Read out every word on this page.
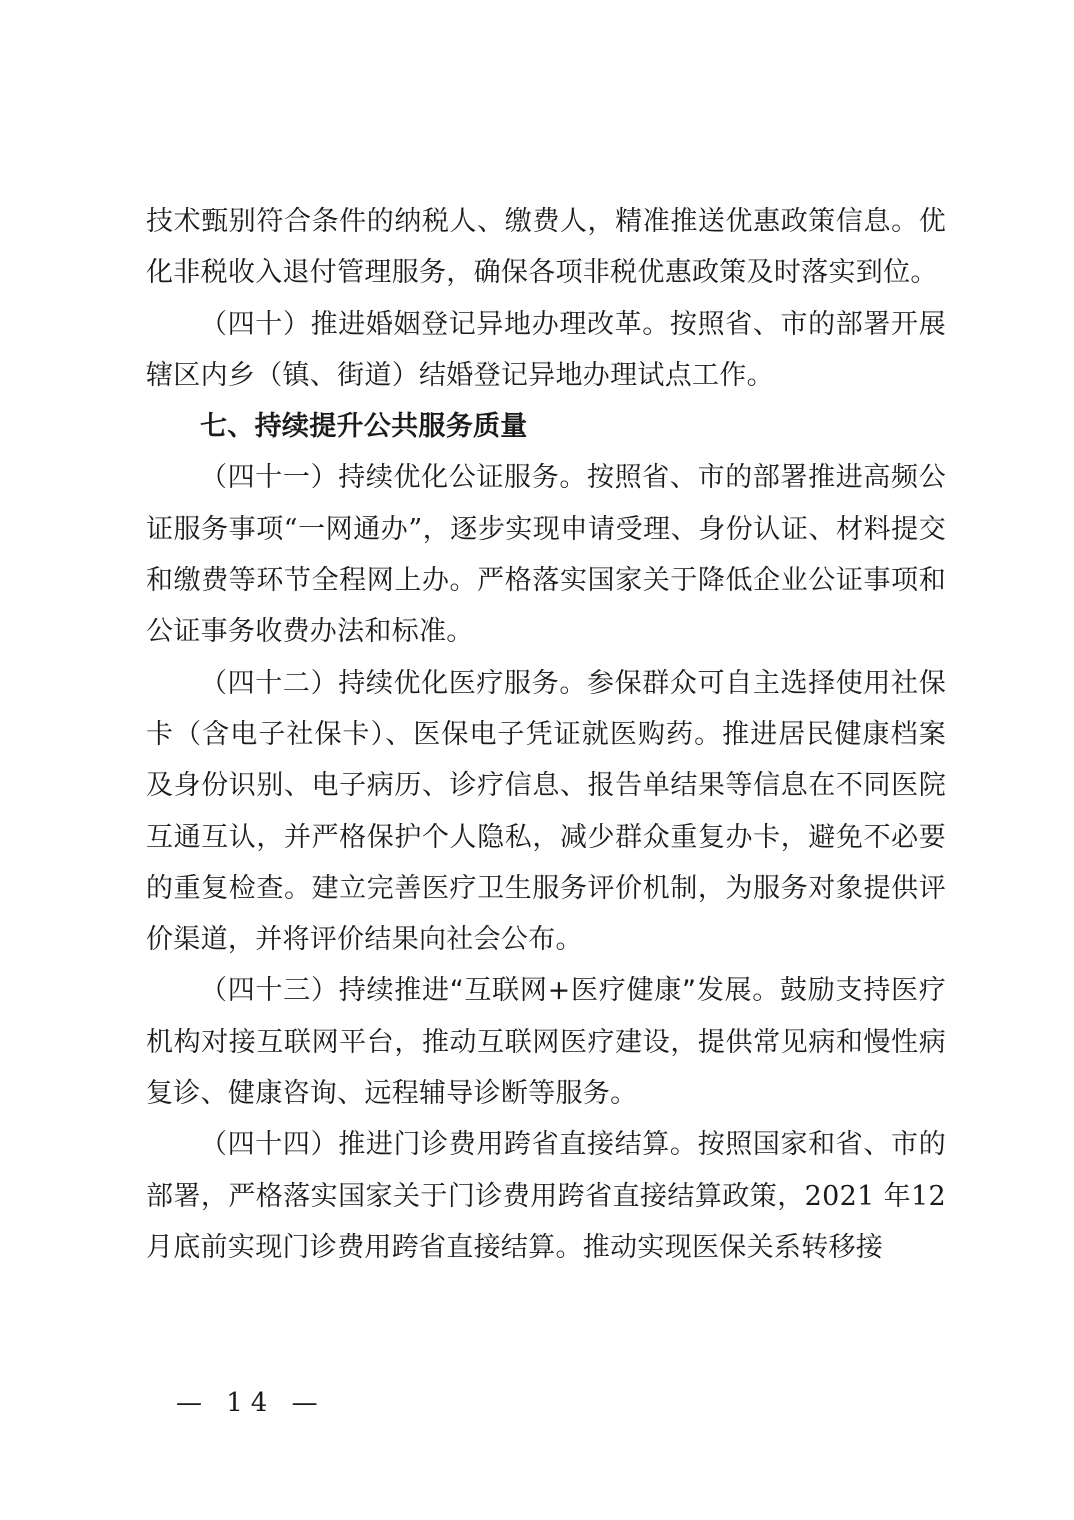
技术甄别符合条件的纳税人、缴费人，精准推送优惠政策信息。优化非税收入退付管理服务，确保各项非税优惠政策及时落实到位。

（四十）推进婚姻登记异地办理改革。按照省、市的部署开展辖区内乡（镇、街道）结婚登记异地办理试点工作。

七、持续提升公共服务质量

（四十一）持续优化公证服务。按照省、市的部署推进高频公证服务事项“一网通办”，逐步实现申请受理、身份认证、材料提交和缴费等环节全程网上办。严格落实国家关于降低企业公证事项和公证事务收费办法和标准。

（四十二）持续优化医疗服务。参保群众可自主选择使用社保卡（含电子社保卡）、医保电子凭证就医购药。推进居民健康档案及身份识别、电子病历、诊疗信息、报告单结果等信息在不同医院互通互认，并严格保护个人隐私，减少群众重复办卡，避免不必要的重复检查。建立完善医疗卫生服务评价机制，为服务对象提供评价渠道，并将评价结果向社会公布。

（四十三）持续推进“互联网+医疗健康”发展。鼓励支持医疗机构对接互联网平台，推动互联网医疗建设，提供常见病和慢性病复诊、健康咨询、远程辅导诊断等服务。

（四十四）推进门诊费用跨省直接结算。按照国家和省、市的部署，严格落实国家关于门诊费用跨省直接结算政策，2021 年12 月底前实现门诊费用跨省直接结算。推动实现医保关系转移接

— 14 —
